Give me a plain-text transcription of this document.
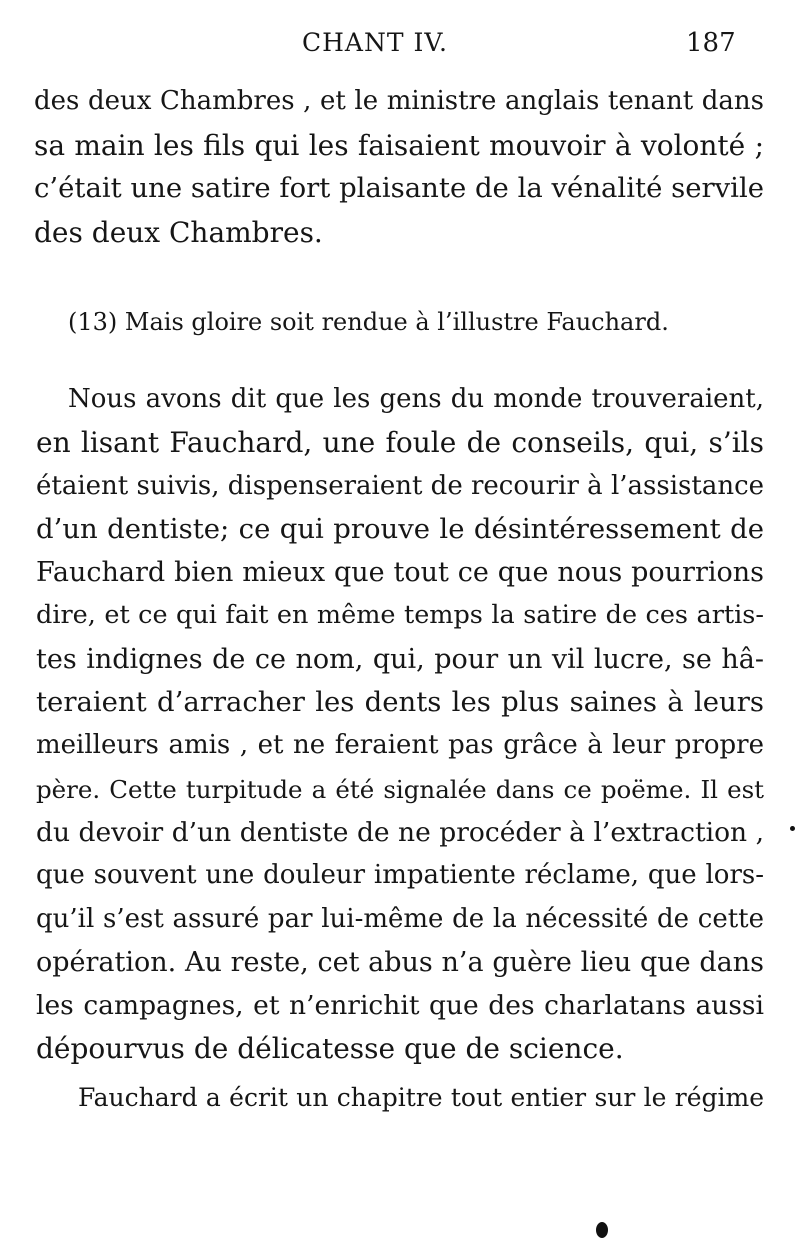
CHANT IV.	187
des deux Chambres , et le ministre anglais tenant dans
sa main les fils qui les faisaient mouvoir à volonté ;
c’était une satire fort plaisante de la vénalité servile
des deux Chambres.
(13) Mais gloire soit rendue à l’illustre Fauchard.
Nous avons dit que les gens du monde trouveraient,
en lisant Fauchard, une foule de conseils, qui, s’ils
étaient suivis, dispenseraient de recourir à l’assistance
d’un dentiste; ce qui prouve le désintéressement de
Fauchard bien mieux que tout ce que nous pourrions
dire, et ce qui fait en même temps la satire de ces artis-
tes indignes de ce nom, qui, pour un vil lucre, se hâ-
teraient d’arracher les dents les plus saines à leurs
meilleurs amis , et ne feraient pas grâce à leur propre
père. Cette turpitude a été signalée dans ce poëme. Il est
du devoir d’un dentiste de ne procéder à l’extraction ,
que souvent une douleur impatiente réclame, que lors-
qu’il s’est assuré par lui-même de la nécessité de cette
opération. Au reste, cet abus n’a guère lieu que dans
les campagnes, et n’enrichit que des charlatans aussi
dépourvus de délicatesse que de science.
Fauchard a écrit un chapitre tout entier sur le régime
